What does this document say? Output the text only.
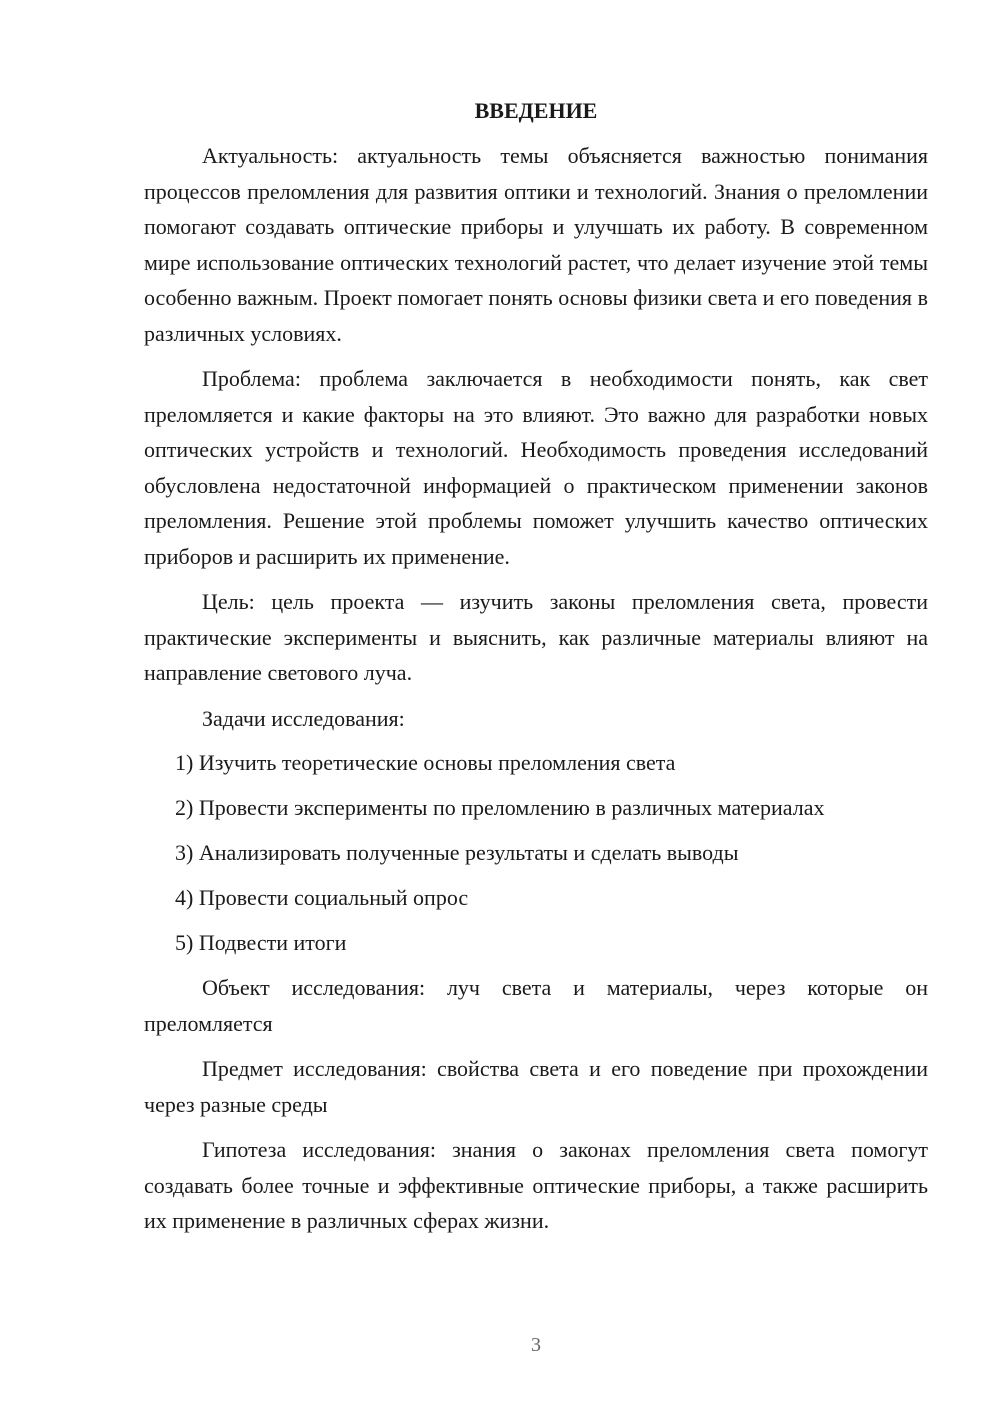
ВВЕДЕНИЕ

Актуальность: актуальность темы объясняется важностью понимания процессов преломления для развития оптики и технологий. Знания о преломлении помогают создавать оптические приборы и улучшать их работу. В современном мире использование оптических технологий растет, что делает изучение этой темы особенно важным. Проект помогает понять основы физики света и его поведения в различных условиях.

Проблема: проблема заключается в необходимости понять, как свет преломляется и какие факторы на это влияют. Это важно для разработки новых оптических устройств и технологий. Необходимость проведения исследований обусловлена недостаточной информацией о практическом применении законов преломления. Решение этой проблемы поможет улучшить качество оптических приборов и расширить их применение.

Цель: цель проекта — изучить законы преломления света, провести практические эксперименты и выяснить, как различные материалы влияют на направление светового луча.

Задачи исследования:

1) Изучить теоретические основы преломления света
2) Провести эксперименты по преломлению в различных материалах
3) Анализировать полученные результаты и сделать выводы
4) Провести социальный опрос
5) Подвести итоги

Объект исследования: луч света и материалы, через которые он преломляется

Предмет исследования: свойства света и его поведение при прохождении через разные среды

Гипотеза исследования: знания о законах преломления света помогут создавать более точные и эффективные оптические приборы, а также расширить их применение в различных сферах жизни.

3
